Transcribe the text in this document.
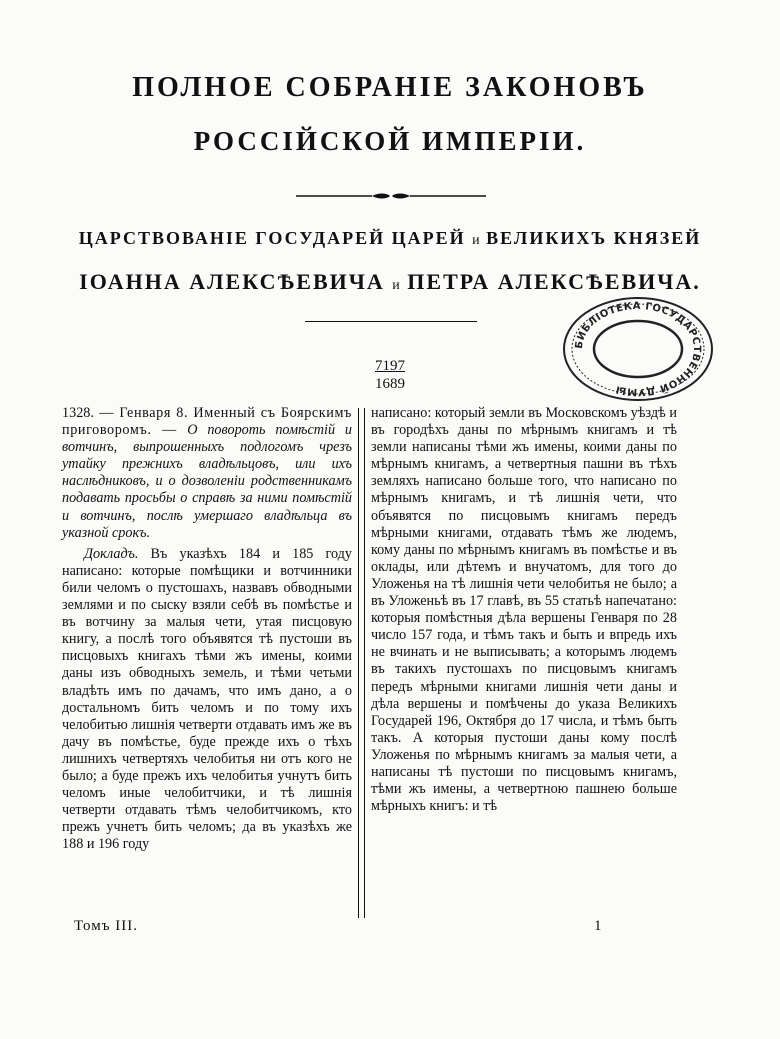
ПОЛНОЕ СОБРАНІЕ ЗАКОНОВЪ
РОССІЙСКОЙ ИМПЕРІИ.
ЦАРСТВОВАНІЕ ГОСУДАРЕЙ ЦАРЕЙ и ВЕЛИКИХЪ КНЯЗЕЙ
ІОАННА АЛЕКСѢЕВИЧА и ПЕТРА АЛЕКСѢЕВИЧА.
7197
1689
БИБЛІОТЕКА ГОСУДАРСТВЕННОЙ ДУМЫ

1328. — Генваря 8. Именный съ Боярскимъ приговоромъ. — О повороть помѣстій и вотчинъ, выпрошенныхъ подлогомъ чрезъ утайку прежнихъ владѣльцовъ, или ихъ наслѣдниковъ, и о дозволеніи родственникамъ подавать просьбы о справѣ за ними помѣстій и вотчинъ, послѣ умершаго владѣльца въ указной срокъ.

Докладъ. Въ указѣхъ 184 и 185 году написано: которые помѣщики и вотчинники били челомъ о пустошахъ, назвавъ обводными землями и по сыску взяли себѣ въ помѣстье и въ вотчину за малыя чети, утая писцовую книгу, а послѣ того объявятся тѣ пустоши въ писцовыхъ книгахъ тѣми жъ имены, коими даны изъ обводныхъ земель, и тѣми четьми владѣть имъ по дачамъ, что имъ дано, а о достальномъ бить челомъ и по тому ихъ челобитью лишнія четверти отдавать имъ же въ дачу въ помѣстье, буде прежде ихъ о тѣхъ лишнихъ четвертяхъ челобитья ни отъ кого не было; а буде прежъ ихъ челобитья учнутъ бить челомъ иные челобитчики, и тѣ лишнія четверти отдавать тѣмъ челобитчикомъ, кто прежъ учнетъ бить челомъ; да въ указѣхъ же 188 и 196 году

написано: который земли въ Московскомъ уѣздѣ и въ городѣхъ даны по мѣрнымъ книгамъ и тѣ земли написаны тѣми жъ имены, коими даны по мѣрнымъ книгамъ, а четвертныя пашни въ тѣхъ земляхъ написано больше того, что написано по мѣрнымъ книгамъ, и тѣ лишнія чети, что объявятся по писцовымъ книгамъ передъ мѣрными книгами, отдавать тѣмъ же людемъ, кому даны по мѣрнымъ книгамъ въ помѣстье и въ оклады, или дѣтемъ и внучатомъ, для того до Уложенья на тѣ лишнія чети челобитья не было; а въ Уложеньѣ въ 17 главѣ, въ 55 статьѣ напечатано: которыя помѣстныя дѣла вершены Генваря по 28 число 157 года, и тѣмъ такъ и быть и впредь ихъ не вчинать и не выписывать; а которымъ людемъ въ такихъ пустошахъ по писцовымъ книгамъ передъ мѣрными книгами лишнія чети даны и дѣла вершены и помѣчены до указа Великихъ Государей 196, Октября до 17 числа, и тѣмъ быть такъ. А которыя пустоши даны кому послѣ Уложенья по мѣрнымъ книгамъ за малыя чети, а написаны тѣ пустоши по писцовымъ книгамъ, тѣми жъ имены, а четвертною пашнею больше мѣрныхъ книгъ: и тѣ

Томъ III.	1
